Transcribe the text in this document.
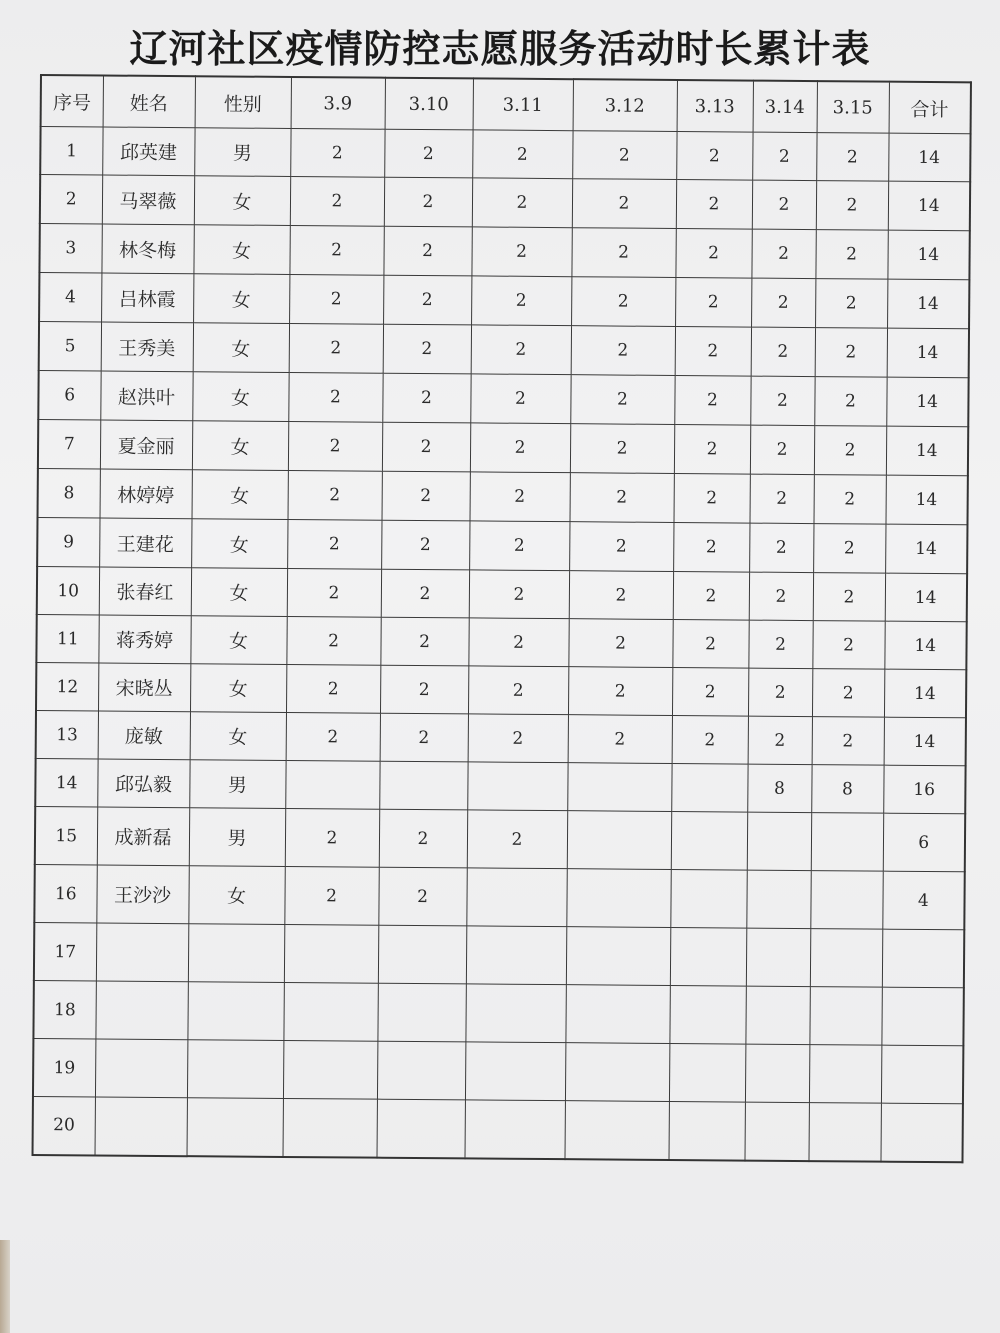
辽河社区疫情防控志愿服务活动时长累计表
序号	姓名	性别	3.9	3.10	3.11	3.12	3.13	3.14	3.15	合计
1	邱英建	男	2	2	2	2	2	2	2	14
2	马翠薇	女	2	2	2	2	2	2	2	14
3	林冬梅	女	2	2	2	2	2	2	2	14
4	吕林霞	女	2	2	2	2	2	2	2	14
5	王秀美	女	2	2	2	2	2	2	2	14
6	赵洪叶	女	2	2	2	2	2	2	2	14
7	夏金丽	女	2	2	2	2	2	2	2	14
8	林婷婷	女	2	2	2	2	2	2	2	14
9	王建花	女	2	2	2	2	2	2	2	14
10	张春红	女	2	2	2	2	2	2	2	14
11	蒋秀婷	女	2	2	2	2	2	2	2	14
12	宋晓丛	女	2	2	2	2	2	2	2	14
13	庞敏	女	2	2	2	2	2	2	2	14
14	邱弘毅	男						8	8	16
15	成新磊	男	2	2	2					6
16	王沙沙	女	2	2						4
17										
18										
19										
20										
